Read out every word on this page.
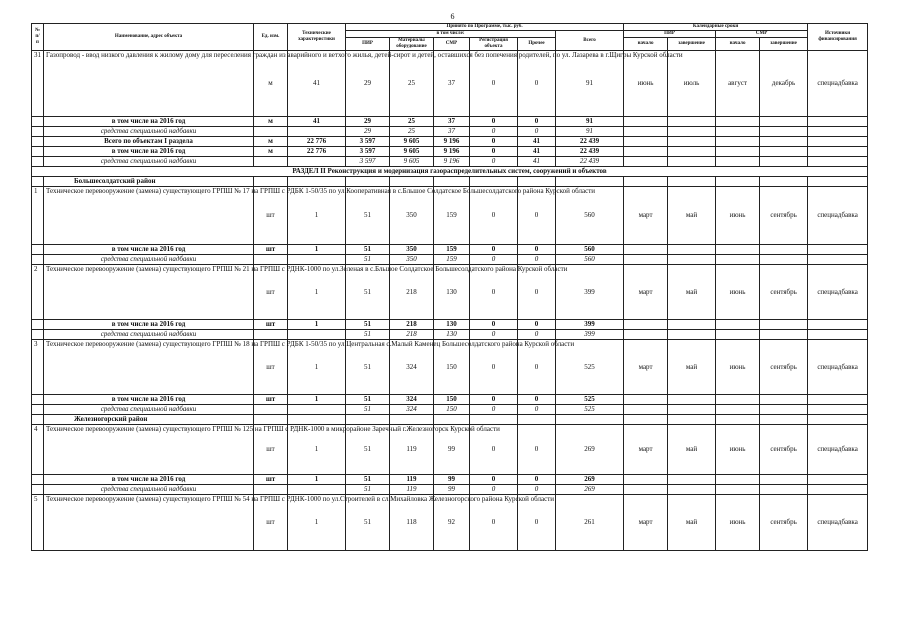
6
№ п/п	Наименование, адрес объекта	Ед. изм.	Технические характеристики	Принято по Программе, тыс. руб.						Календарные сроки				Источники финансирования
				в том числе:					Всего	ПИР		СМР		
				ПИР	Материалы оборудование	СМР	Регистрация объекта	Прочее		начало	завершение	начало	завершение	

31	Газопровод - ввод низкого давления к жилому дому для переселения граждан из аварийного и ветхого жилья, детей-сирот и детей, оставшихся без попечения родителей, по ул. Лазарева в г.Щигры Курской области	м	41	29	25	37	0	0	91	июнь	июль	август	декабрь	спецнадбавка
	в том числе на 2016 год	м	41	29	25	37	0	0	91					
	средства специальной надбавки			29	25	37	0	0	91					
	Всего по объектам I раздела	м	22 776	3 597	9 605	9 196	0	41	22 439					
	в том числе на 2016 год	м	22 776	3 597	9 605	9 196	0	41	22 439					
	средства специальной надбавки			3 597	9 605	9 196	0	41	22 439					
РАЗДЕЛ II Реконструкция и модернизация газораспределительных систем, сооружений и объектов														
	Большесолдатский район													
1	Техническое перевооружение (замена) существующего ГРПШ № 17 на ГРПШ с РДБК 1-50/35 по ул.Кооперативная в с.Бльшое Солдатское Большесолдатского района Курской области	шт	1	51	350	159	0	0	560	март	май	июнь	сентябрь	спецнадбавка
	в том числе на 2016 год	шт	1	51	350	159	0	0	560					
	средства специальной надбавки			51	350	159	0	0	560					
2	Техническое перевооружение (замена) существующего ГРПШ № 21 на ГРПШ с РДНК-1000 по ул.Зеленая в с.Бльшое Солдатское Большесолдатского района Курской области	шт	1	51	218	130	0	0	399	март	май	июнь	сентябрь	спецнадбавка
	в том числе на 2016 год	шт	1	51	218	130	0	0	399					
	средства специальной надбавки			51	218	130	0	0	399					
3	Техническое перевооружение (замена) существующего ГРПШ № 18 на ГРПШ с РДБК 1-50/35 по ул.Центральная с.Малый Каменец Большесолдатского района Курской области	шт	1	51	324	150	0	0	525	март	май	июнь	сентябрь	спецнадбавка
	в том числе на 2016 год	шт	1	51	324	150	0	0	525					
	средства специальной надбавки			51	324	150	0	0	525					
	Железногорский район													
4	Техническое перевооружение (замена) существующего ГРПШ № 125 на ГРПШ с РДНК-1000 в микрорайоне Заречный г.Железногорск Курской области	шт	1	51	119	99	0	0	269	март	май	июнь	сентябрь	спецнадбавка
	в том числе на 2016 год	шт	1	51	119	99	0	0	269					
	средства специальной надбавки			51	119	99	0	0	269					
5	Техническое перевооружение (замена) существующего ГРПШ № 54 на ГРПШ с РДНК-1000 по ул.Строителей в сл.Михайловка Железногорского района Курской области	шт	1	51	118	92	0	0	261	март	май	июнь	сентябрь	спецнадбавка
